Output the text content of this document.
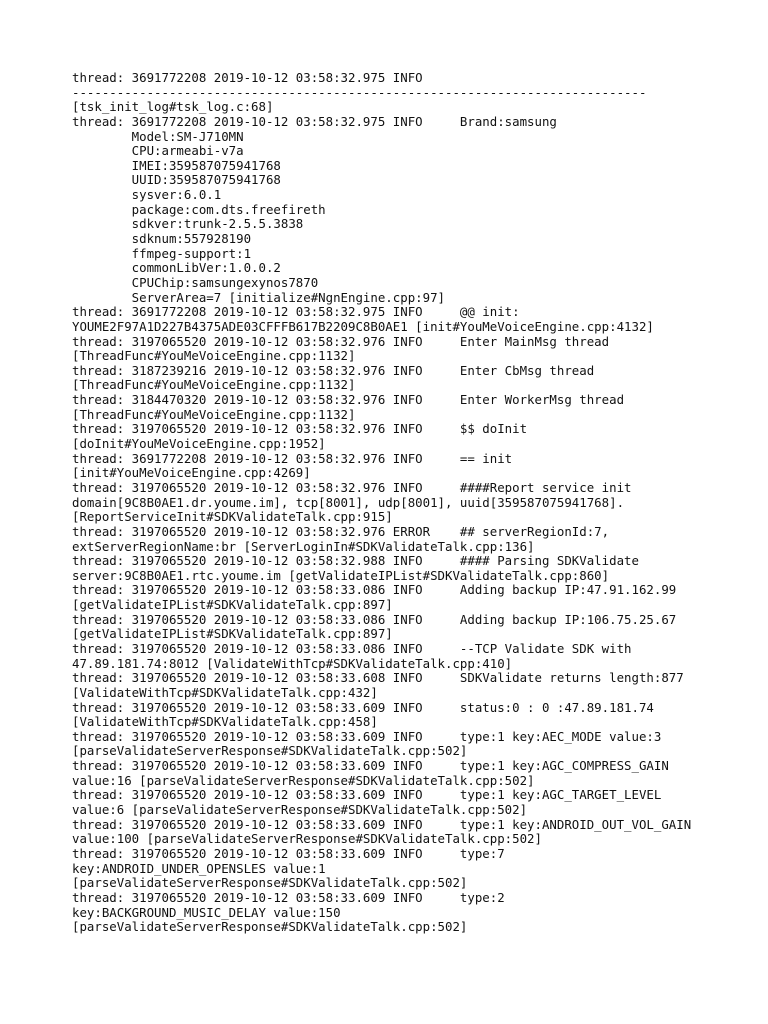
thread: 3691772208 2019-10-12 03:58:32.975 INFO
-----------------------------------------------------------------------------
[tsk_init_log#tsk_log.c:68]
thread: 3691772208 2019-10-12 03:58:32.975 INFO     Brand:samsung
Model:SM-J710MN
CPU:armeabi-v7a
IMEI:359587075941768
UUID:359587075941768
sysver:6.0.1
package:com.dts.freefireth
sdkver:trunk-2.5.5.3838
sdknum:557928190
ffmpeg-support:1
commonLibVer:1.0.0.2
CPUChip:samsungexynos7870
ServerArea=7 [initialize#NgnEngine.cpp:97]
thread: 3691772208 2019-10-12 03:58:32.975 INFO     @@ init:
YOUME2F97A1D227B4375ADE03CFFFB617B2209C8B0AE1 [init#YouMeVoiceEngine.cpp:4132]
thread: 3197065520 2019-10-12 03:58:32.976 INFO     Enter MainMsg thread
[ThreadFunc#YouMeVoiceEngine.cpp:1132]
thread: 3187239216 2019-10-12 03:58:32.976 INFO     Enter CbMsg thread
[ThreadFunc#YouMeVoiceEngine.cpp:1132]
thread: 3184470320 2019-10-12 03:58:32.976 INFO     Enter WorkerMsg thread
[ThreadFunc#YouMeVoiceEngine.cpp:1132]
thread: 3197065520 2019-10-12 03:58:32.976 INFO     $$ doInit
[doInit#YouMeVoiceEngine.cpp:1952]
thread: 3691772208 2019-10-12 03:58:32.976 INFO     == init
[init#YouMeVoiceEngine.cpp:4269]
thread: 3197065520 2019-10-12 03:58:32.976 INFO     ####Report service init
domain[9C8B0AE1.dr.youme.im], tcp[8001], udp[8001], uuid[359587075941768].
[ReportServiceInit#SDKValidateTalk.cpp:915]
thread: 3197065520 2019-10-12 03:58:32.976 ERROR    ## serverRegionId:7,
extServerRegionName:br [ServerLoginIn#SDKValidateTalk.cpp:136]
thread: 3197065520 2019-10-12 03:58:32.988 INFO     #### Parsing SDKValidate
server:9C8B0AE1.rtc.youme.im [getValidateIPList#SDKValidateTalk.cpp:860]
thread: 3197065520 2019-10-12 03:58:33.086 INFO     Adding backup IP:47.91.162.99
[getValidateIPList#SDKValidateTalk.cpp:897]
thread: 3197065520 2019-10-12 03:58:33.086 INFO     Adding backup IP:106.75.25.67
[getValidateIPList#SDKValidateTalk.cpp:897]
thread: 3197065520 2019-10-12 03:58:33.086 INFO     --TCP Validate SDK with
47.89.181.74:8012 [ValidateWithTcp#SDKValidateTalk.cpp:410]
thread: 3197065520 2019-10-12 03:58:33.608 INFO     SDKValidate returns length:877
[ValidateWithTcp#SDKValidateTalk.cpp:432]
thread: 3197065520 2019-10-12 03:58:33.609 INFO     status:0 : 0 :47.89.181.74
[ValidateWithTcp#SDKValidateTalk.cpp:458]
thread: 3197065520 2019-10-12 03:58:33.609 INFO     type:1 key:AEC_MODE value:3
[parseValidateServerResponse#SDKValidateTalk.cpp:502]
thread: 3197065520 2019-10-12 03:58:33.609 INFO     type:1 key:AGC_COMPRESS_GAIN
value:16 [parseValidateServerResponse#SDKValidateTalk.cpp:502]
thread: 3197065520 2019-10-12 03:58:33.609 INFO     type:1 key:AGC_TARGET_LEVEL
value:6 [parseValidateServerResponse#SDKValidateTalk.cpp:502]
thread: 3197065520 2019-10-12 03:58:33.609 INFO     type:1 key:ANDROID_OUT_VOL_GAIN
value:100 [parseValidateServerResponse#SDKValidateTalk.cpp:502]
thread: 3197065520 2019-10-12 03:58:33.609 INFO     type:7
key:ANDROID_UNDER_OPENSLES value:1
[parseValidateServerResponse#SDKValidateTalk.cpp:502]
thread: 3197065520 2019-10-12 03:58:33.609 INFO     type:2
key:BACKGROUND_MUSIC_DELAY value:150
[parseValidateServerResponse#SDKValidateTalk.cpp:502]
